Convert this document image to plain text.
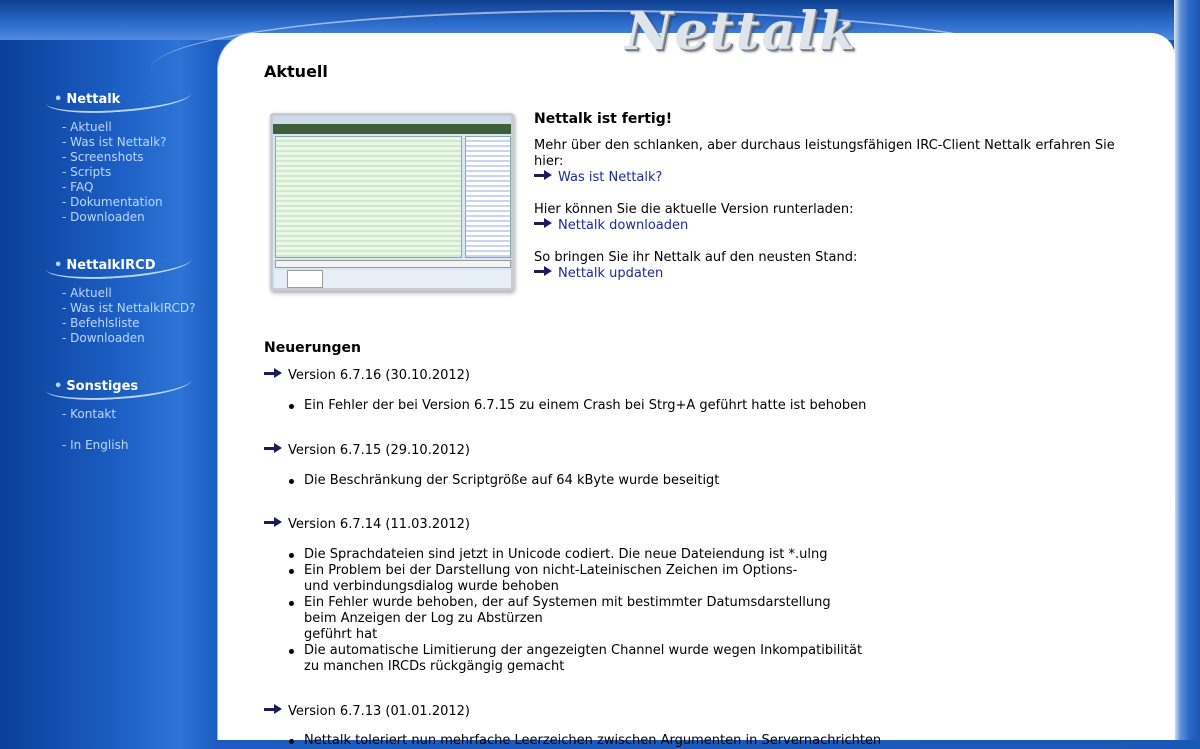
Aktuell
Nettalk ist fertig!
Mehr über den schlanken, aber durchaus leistungsfähigen IRC-Client Nettalk erfahren Sie hier:
Was ist Nettalk?
Hier können Sie die aktuelle Version runterladen:
Nettalk downloaden
So bringen Sie ihr Nettalk auf den neusten Stand:
Nettalk updaten
Neuerungen
Version 6.7.16 (30.10.2012)
Ein Fehler der bei Version 6.7.15 zu einem Crash bei Strg+A geführt hatte ist behoben
Version 6.7.15 (29.10.2012)
Die Beschränkung der Scriptgröße auf 64 kByte wurde beseitigt
Version 6.7.14 (11.03.2012)
Die Sprachdateien sind jetzt in Unicode codiert. Die neue Dateiendung ist *.ulng
Ein Problem bei der Darstellung von nicht-Lateinischen Zeichen im Options-
und verbindungsdialog wurde behoben
Ein Fehler wurde behoben, der auf Systemen mit bestimmter Datumsdarstellung
beim Anzeigen der Log zu Abstürzen
geführt hat
Die automatische Limitierung der angezeigten Channel wurde wegen Inkompatibilität
zu manchen IRCDs rückgängig gemacht
Version 6.7.13 (01.01.2012)
Nettalk toleriert nun mehrfache Leerzeichen zwischen Argumenten in Servernachrichten
Nettalk
• Nettalk
- Aktuell
- Was ist Nettalk?
- Screenshots
- Scripts
- FAQ
- Dokumentation
- Downloaden
• NettalkIRCD
- Aktuell
- Was ist NettalkIRCD?
- Befehlsliste
- Downloaden
• Sonstiges
- Kontakt
- In English
